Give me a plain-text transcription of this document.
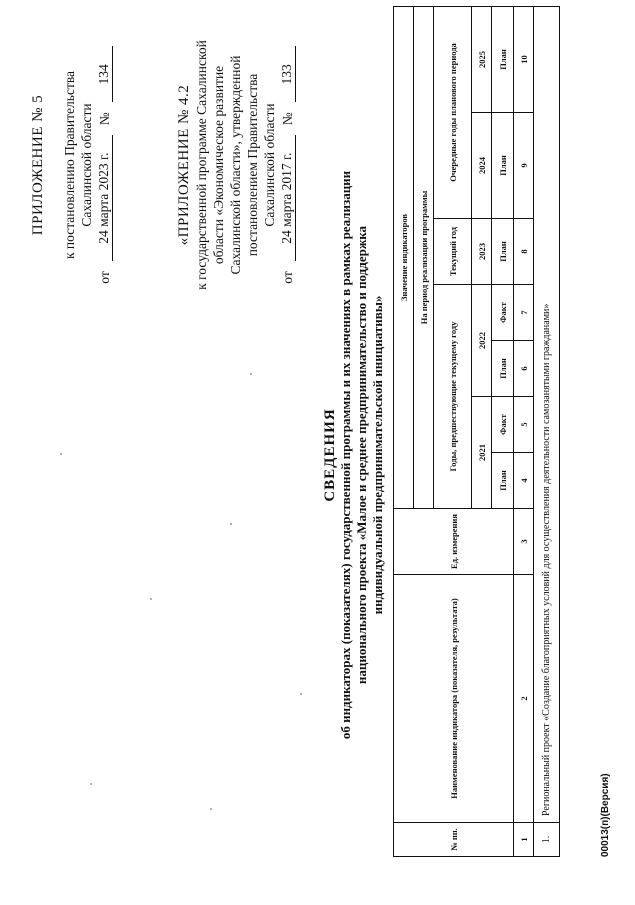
ПРИЛОЖЕНИЕ № 5 к постановлению Правительства Сахалинской области
от
24 марта 2023 г.
№
134
«ПРИЛОЖЕНИЕ № 4.2 к государственной программе Сахалинской области «Экономическое развитие Сахалинской области», утвержденной постановлением Правительства Сахалинской области
от
24 марта 2017 г.
№
133
СВЕДЕНИЯ об индикаторах (показателях) государственной программы и их значениях в рамках реализации национального проекта «Малое и среднее предпринимательство и поддержка индивидуальной предпринимательской инициативы»
№ пп.	Наименование индикатора (показателя, результата)	Ед. измерения	Значение индикаторов						
			На период реализации программы						
			Годы, предшествующие текущему году				Текущий год	Очередные годы планового периода	
			2021		2022		2023	2024	2025
			План	Факт	План	Факт	План	План	План
1	2	3	4	5	6	7	8	9	10
1.	Региональный проект «Создание благоприятных условий для осуществления деятельности самозанятыми гражданами»									00013(п)(Версия)
